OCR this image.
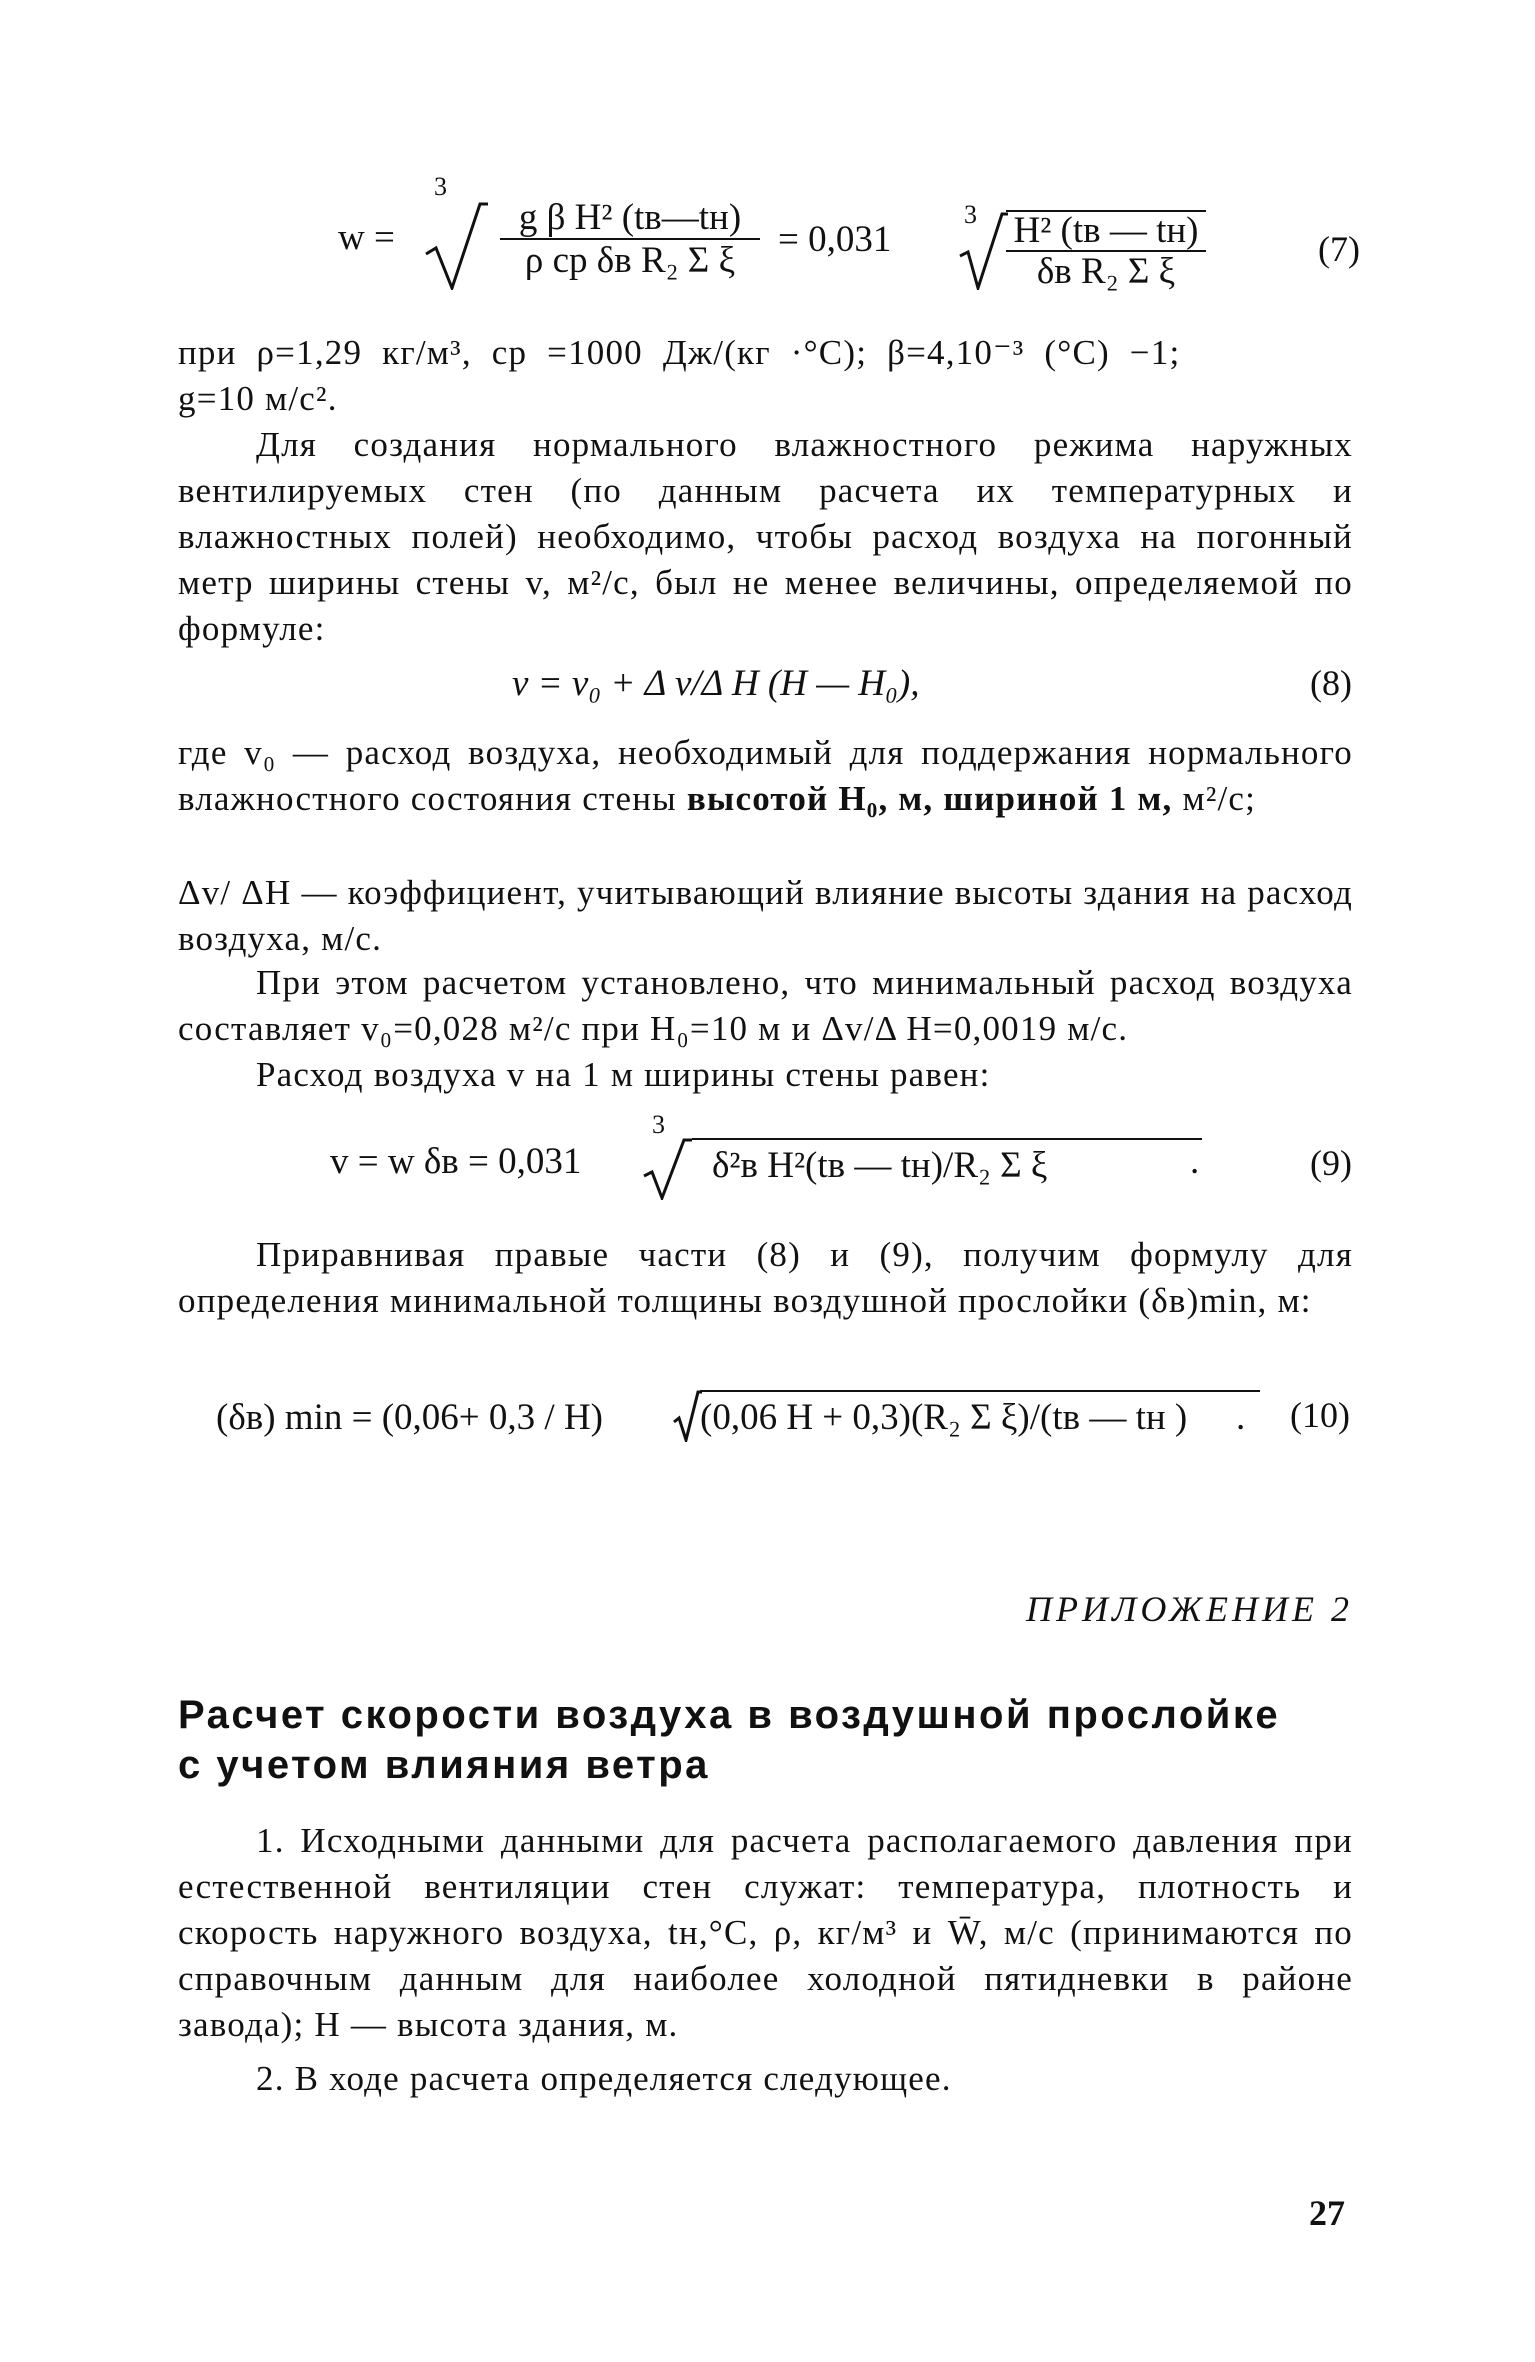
w =
3
g β H² (tв—tн)
ρ cр δв R₂ Σ ξ
= 0,031
3 H² (tв — tн)
δв R₂ Σ ξ
(7)
при ρ=1,29 кг/м³, cр =1000 Дж/(кг ·°С); β=4,10⁻³ (°С) −1;
g=10 м/с².
Для создания нормального влажностного режима наружных вентилируемых стен (по данным расчета их температурных и влажностных полей) необходимо, чтобы расход воздуха на погонный метр ширины стены v, м²/с, был не менее величины, определяемой по формуле:
v = v₀ + Δ v/Δ H (H — H₀),	(8)
где v₀ — расход воздуха, необходимый для поддержания нормального влажностного состояния стены высотой H₀, м, шириной 1 м, м²/с;
Δv/ ΔH — коэффициент, учитывающий влияние высоты здания на расход воздуха, м/с.
При этом расчетом установлено, что минимальный расход воздуха составляет v₀=0,028 м²/с при H₀=10 м и Δv/Δ H=0,0019 м/с.
Расход воздуха v на 1 м ширины стены равен:
v = w δв = 0,031
3
δ²в H²(tв — tн)/R₂ Σ ξ	.	(9)
Приравнивая правые части (8) и (9), получим формулу для определения минимальной толщины воздушной прослойки (δв)min, м:
(δв) min = (0,06+ 0,3 / H)	(0,06 H + 0,3)(R₂ Σ ξ)/(tв — tн )	. (10)
ПРИЛОЖЕНИЕ 2
Расчет скорости воздуха в воздушной прослойке
с учетом влияния ветра
1. Исходными данными для расчета располагаемого давления при естественной вентиляции стен служат: температура, плотность и скорость наружного воздуха, tн,°С, ρ, кг/м³ и W̄, м/с (принимаются по справочным данным для наиболее холодной пятидневки в районе завода); H — высота здания, м.
2. В ходе расчета определяется следующее.
27
